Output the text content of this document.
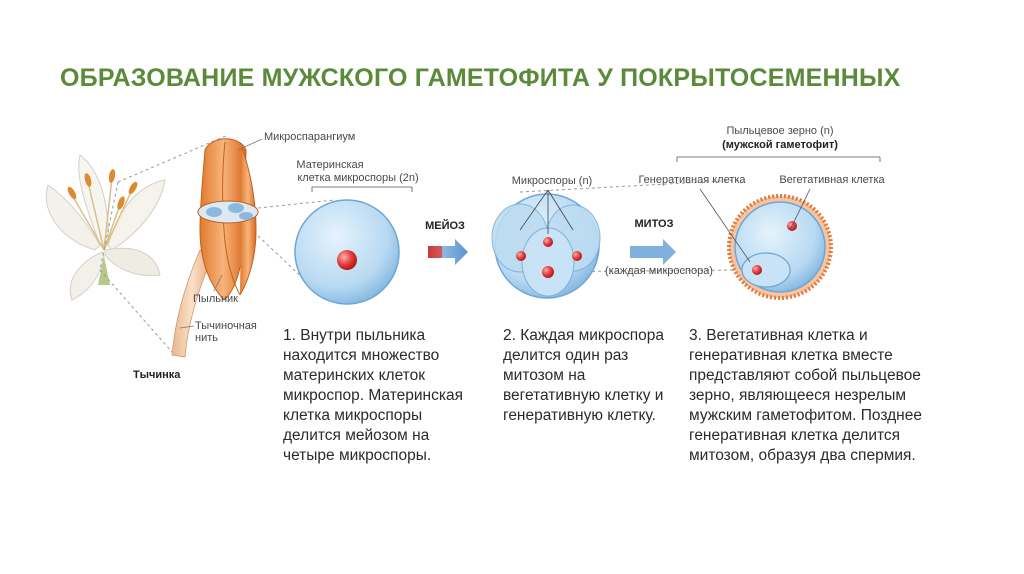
ОБРАЗОВАНИЕ МУЖСКОГО ГАМЕТОФИТА У ПОКРЫТОСЕМЕННЫХ
Микроспарангиум
Материнская
клетка микроспоры (2n)
Пыльник
Тычиночная
нить
Тычинка
МЕЙОЗ
Микроспоры (n)
МИТОЗ
(каждая микроспора)
Пыльцевое зерно (n)
(мужской гаметофит)
Генеративная клетка	Вегетативная клетка
1. Внутри пыльника находится множество материнских клеток микроспор. Материнская клетка микроспоры делится мейозом на четыре микроспоры.
2. Каждая микроспора делится один раз митозом на вегетативную клетку и генеративную клетку.
3. Вегетативная клетка и генеративная клетка вместе представляют собой пыльцевое зерно, являющееся незрелым мужским гаметофитом. Позднее генеративная клетка делится митозом, образуя два спермия.
